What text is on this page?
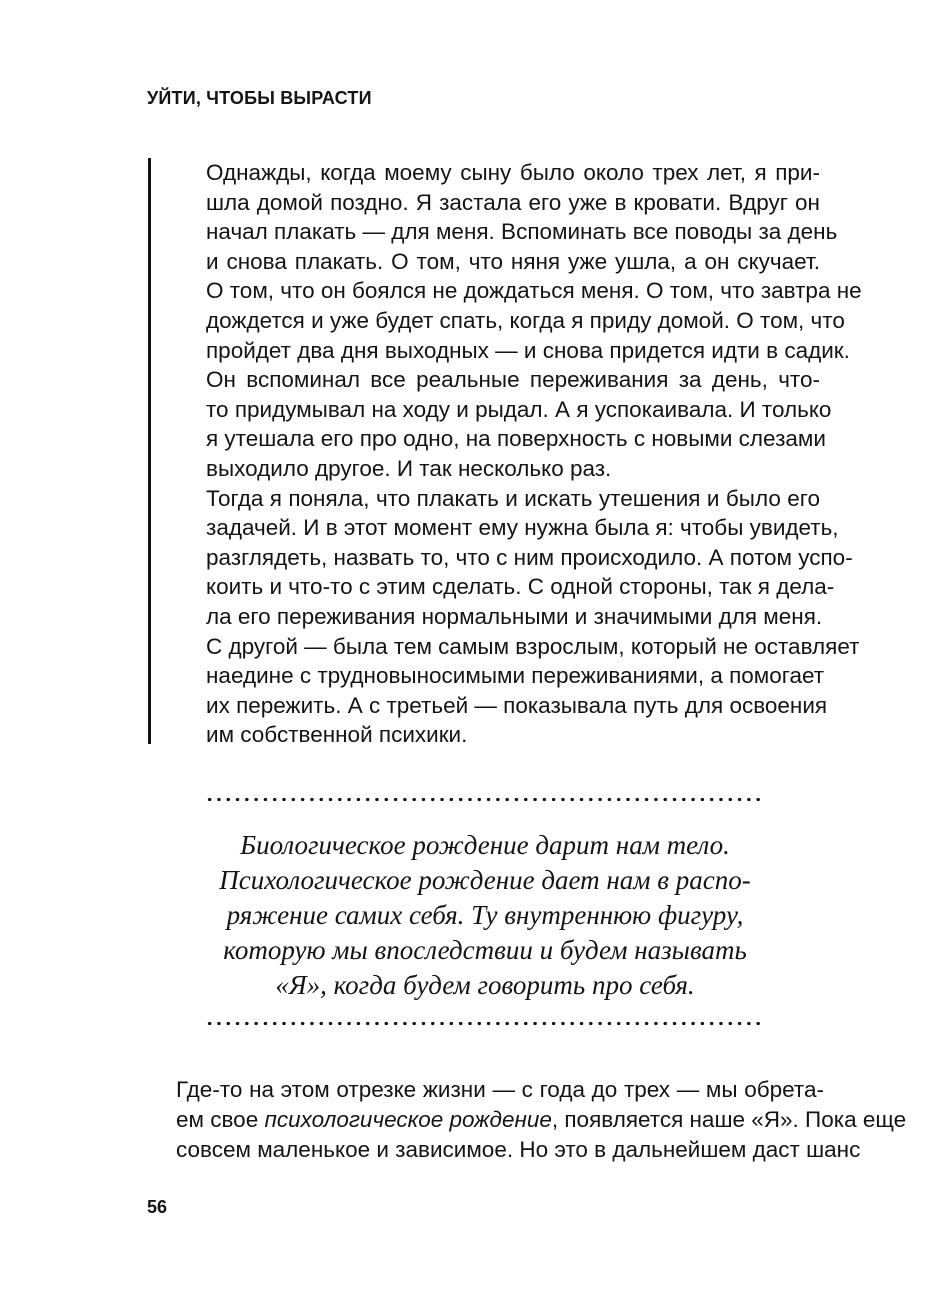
УЙТИ, ЧТОБЫ ВЫРАСТИ

Однажды, когда моему сыну было около трех лет, я при-
шла домой поздно. Я застала его уже в кровати. Вдруг он
начал плакать — для меня. Вспоминать все поводы за день
и снова плакать. О том, что няня уже ушла, а он скучает.
О том, что он боялся не дождаться меня. О том, что завтра не
дождется и уже будет спать, когда я приду домой. О том, что
пройдет два дня выходных — и снова придется идти в садик.

Он вспоминал все реальные переживания за день, что-
то придумывал на ходу и рыдал. А я успокаивала. И только
я утешала его про одно, на поверхность с новыми слезами
выходило другое. И так несколько раз.

Тогда я поняла, что плакать и искать утешения и было его
задачей. И в этот момент ему нужна была я: чтобы увидеть,
разглядеть, назвать то, что с ним происходило. А потом успо-
коить и что-то с этим сделать. С одной стороны, так я дела-
ла его переживания нормальными и значимыми для меня.
С другой — была тем самым взрослым, который не оставляет
наедине с трудновыносимыми переживаниями, а помогает
их пережить. А с третьей — показывала путь для освоения
им собственной психики.

Биологическое рождение дарит нам тело.
Психологическое рождение дает нам в распо-
ряжение самих себя. Ту внутреннюю фигуру,
которую мы впоследствии и будем называть
«Я», когда будем говорить про себя.
Где-то на этом отрезке жизни — с года до трех — мы обрета-
ем свое психологическое рождение, появляется наше «Я». Пока еще
совсем маленькое и зависимое. Но это в дальнейшем даст шанс
56
